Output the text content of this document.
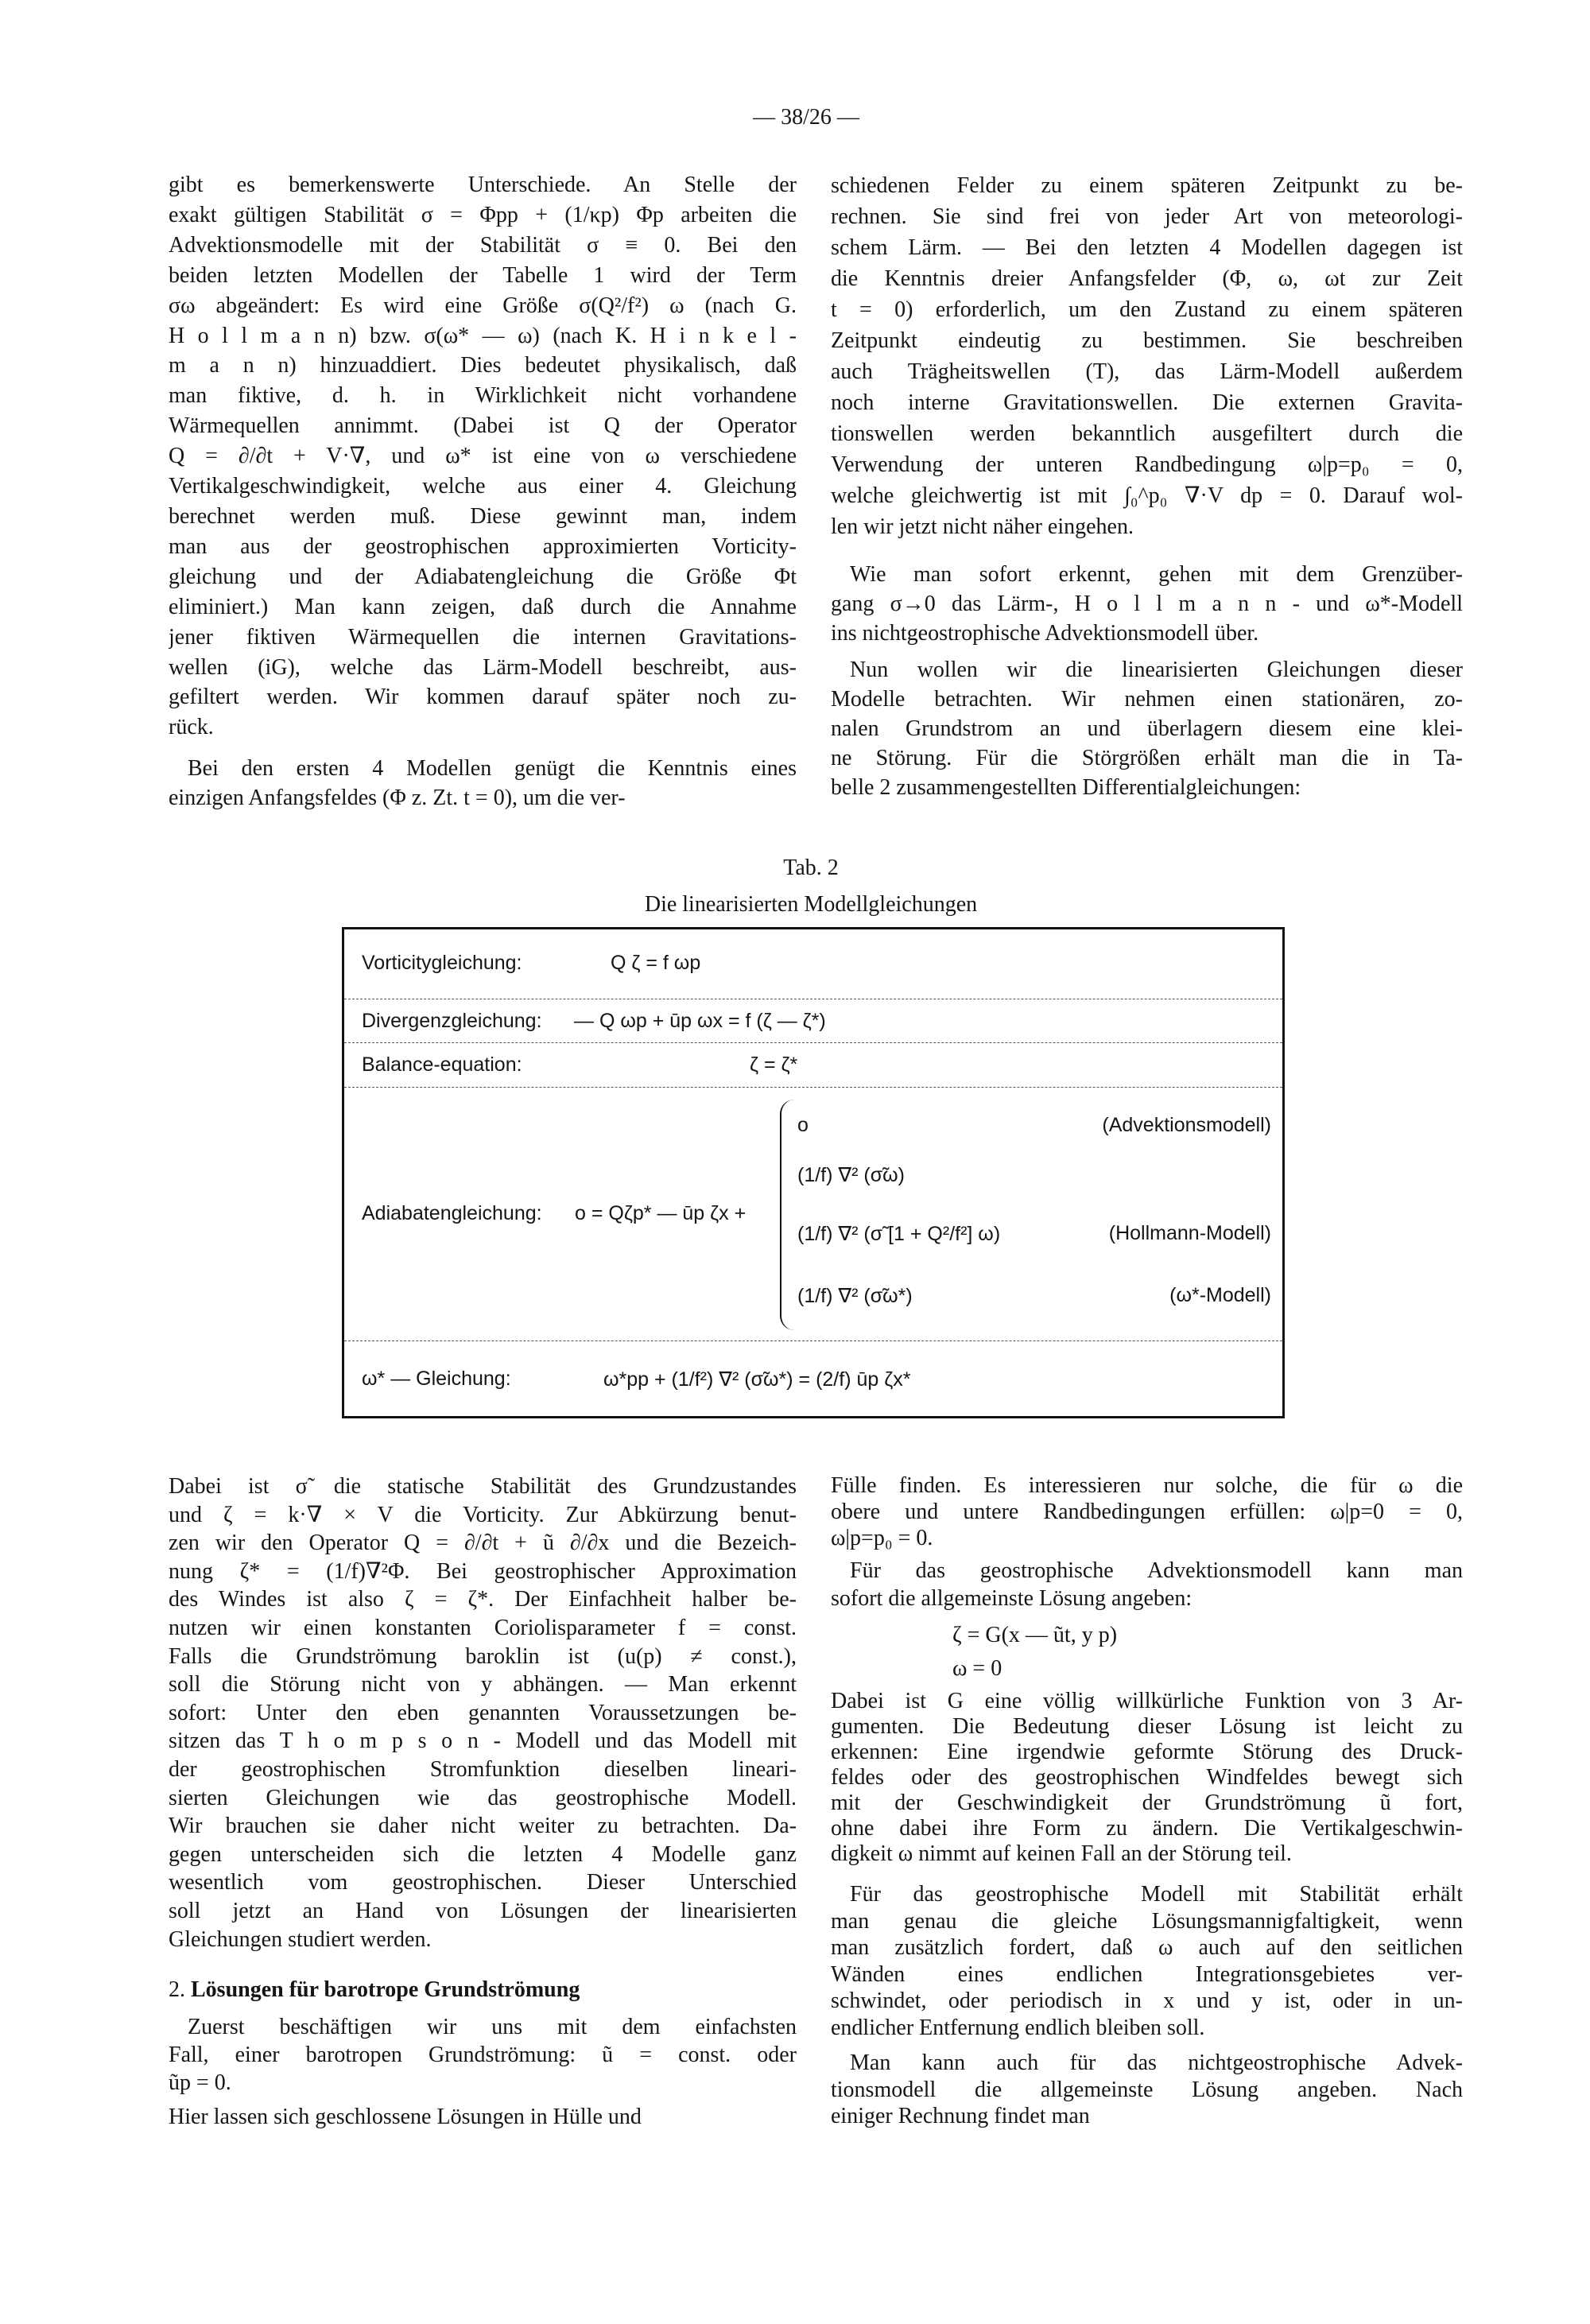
— 38/26 —
gibt es bemerkenswerte Unterschiede. An Stelle der
exakt gültigen Stabilität σ = Φpp + (1/κp) Φp arbeiten die
Advektionsmodelle mit der Stabilität σ ≡ 0. Bei den
beiden letzten Modellen der Tabelle 1 wird der Term
σω abgeändert: Es wird eine Größe σ(Q²/f²) ω (nach G.
H o l l m a n n) bzw. σ(ω* — ω) (nach K. H i n k e l -
m a n n) hinzuaddiert. Dies bedeutet physikalisch, daß
man fiktive, d. h. in Wirklichkeit nicht vorhandene
Wärmequellen annimmt. (Dabei ist Q der Operator
Q = ∂/∂t + V·∇, und ω* ist eine von ω verschiedene
Vertikalgeschwindigkeit, welche aus einer 4. Gleichung
berechnet werden muß. Diese gewinnt man, indem
man aus der geostrophischen approximierten Vorticity-
gleichung und der Adiabatengleichung die Größe Φt
eliminiert.) Man kann zeigen, daß durch die Annahme
jener fiktiven Wärmequellen die internen Gravitations-
wellen (iG), welche das Lärm-Modell beschreibt, aus-
gefiltert werden. Wir kommen darauf später noch zu-
rück.
Bei den ersten 4 Modellen genügt die Kenntnis eines
einzigen Anfangsfeldes (Φ z. Zt. t = 0), um die ver-
schiedenen Felder zu einem späteren Zeitpunkt zu be-
rechnen. Sie sind frei von jeder Art von meteorologi-
schem Lärm. — Bei den letzten 4 Modellen dagegen ist
die Kenntnis dreier Anfangsfelder (Φ, ω, ωt zur Zeit
t = 0) erforderlich, um den Zustand zu einem späteren
Zeitpunkt eindeutig zu bestimmen. Sie beschreiben
auch Trägheitswellen (T), das Lärm-Modell außerdem
noch interne Gravitationswellen. Die externen Gravita-
tionswellen werden bekanntlich ausgefiltert durch die
Verwendung der unteren Randbedingung ω|p=p₀ = 0,
welche gleichwertig ist mit ∫₀^p₀ ∇·V dp = 0. Darauf wol-
len wir jetzt nicht näher eingehen.
Wie man sofort erkennt, gehen mit dem Grenzüber-
gang σ→0 das Lärm-, H o l l m a n n - und ω*-Modell
ins nichtgeostrophische Advektionsmodell über.
Nun wollen wir die linearisierten Gleichungen dieser
Modelle betrachten. Wir nehmen einen stationären, zo-
nalen Grundstrom an und überlagern diesem eine klei-
ne Störung. Für die Störgrößen erhält man die in Ta-
belle 2 zusammengestellten Differentialgleichungen:
Tab. 2
Die linearisierten Modellgleichungen
Vorticitygleichung:	Q ζ = f ωp
Divergenzgleichung: — Q ωp + ūp ωx = f (ζ — ζ*)
Balance-equation:	ζ = ζ*
Adiabatengleichung: o = Qζp* — ūp ζx +
o	(Advektionsmodell)
(1/f) ∇² (σ̃ω)
(1/f) ∇² (σ̃ [1 + Q²/f²] ω)	(Hollmann-Modell)
(1/f) ∇² (σ̃ω*)	(ω*-Modell)
ω* — Gleichung:	ω*pp + (1/f²) ∇² (σ̃ω*) = (2/f) ūp ζx*
Dabei ist σ̃ die statische Stabilität des Grundzustandes
und ζ = k·∇ × V die Vorticity. Zur Abkürzung benut-
zen wir den Operator Q = ∂/∂t + ũ ∂/∂x und die Bezeich-
nung ζ* = (1/f)∇²Φ. Bei geostrophischer Approximation
des Windes ist also ζ = ζ*. Der Einfachheit halber be-
nutzen wir einen konstanten Coriolisparameter f = const.
Falls die Grundströmung baroklin ist (u(p) ≠ const.),
soll die Störung nicht von y abhängen. — Man erkennt
sofort: Unter den eben genannten Voraussetzungen be-
sitzen das T h o m p s o n - Modell und das Modell mit
der geostrophischen Stromfunktion dieselben lineari-
sierten Gleichungen wie das geostrophische Modell.
Wir brauchen sie daher nicht weiter zu betrachten. Da-
gegen unterscheiden sich die letzten 4 Modelle ganz
wesentlich vom geostrophischen. Dieser Unterschied
soll jetzt an Hand von Lösungen der linearisierten
Gleichungen studiert werden.
2. Lösungen für barotrope Grundströmung
Zuerst beschäftigen wir uns mit dem einfachsten
Fall, einer barotropen Grundströmung: ũ = const. oder
ũp = 0.
Hier lassen sich geschlossene Lösungen in Hülle und
Fülle finden. Es interessieren nur solche, die für ω die
obere und untere Randbedingungen erfüllen: ω|p=0 = 0,
ω|p=p₀ = 0.
Für das geostrophische Advektionsmodell kann man
sofort die allgemeinste Lösung angeben:
ζ = G(x — ũt, y p)
ω = 0
Dabei ist G eine völlig willkürliche Funktion von 3 Ar-
gumenten. Die Bedeutung dieser Lösung ist leicht zu
erkennen: Eine irgendwie geformte Störung des Druck-
feldes oder des geostrophischen Windfeldes bewegt sich
mit der Geschwindigkeit der Grundströmung ũ fort,
ohne dabei ihre Form zu ändern. Die Vertikalgeschwin-
digkeit ω nimmt auf keinen Fall an der Störung teil.
Für das geostrophische Modell mit Stabilität erhält
man genau die gleiche Lösungsmannigfaltigkeit, wenn
man zusätzlich fordert, daß ω auch auf den seitlichen
Wänden eines endlichen Integrationsgebietes ver-
schwindet, oder periodisch in x und y ist, oder in un-
endlicher Entfernung endlich bleiben soll.
Man kann auch für das nichtgeostrophische Advek-
tionsmodell die allgemeinste Lösung angeben. Nach
einiger Rechnung findet man
